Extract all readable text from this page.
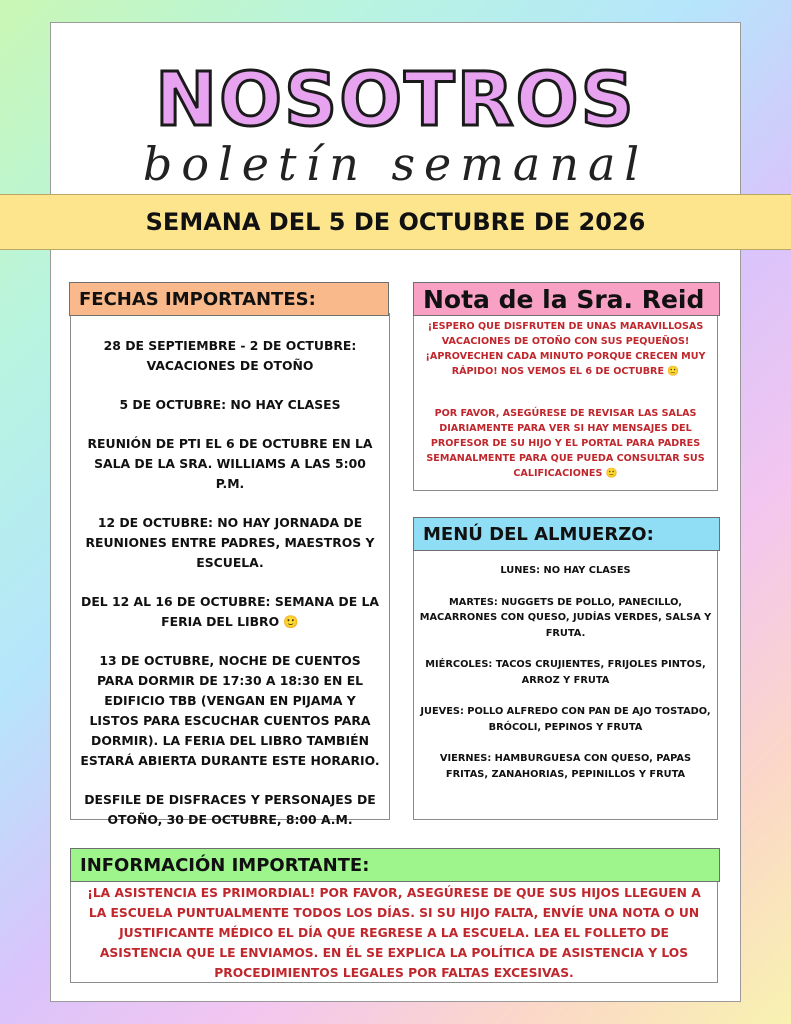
NOSOTROS
boletín semanal
SEMANA DEL 5 DE OCTUBRE DE 2026
FECHAS IMPORTANTES:

28 DE SEPTIEMBRE - 2 DE OCTUBRE: VACACIONES DE OTOÑO

5 DE OCTUBRE: NO HAY CLASES

REUNIÓN DE PTI EL 6 DE OCTUBRE EN LA SALA DE LA SRA. WILLIAMS A LAS 5:00 P.M.

12 DE OCTUBRE: NO HAY JORNADA DE REUNIONES ENTRE PADRES, MAESTROS Y ESCUELA.

DEL 12 AL 16 DE OCTUBRE: SEMANA DE LA FERIA DEL LIBRO 🙂

13 DE OCTUBRE, NOCHE DE CUENTOS PARA DORMIR DE 17:30 A 18:30 EN EL EDIFICIO TBB (VENGAN EN PIJAMA Y LISTOS PARA ESCUCHAR CUENTOS PARA DORMIR). LA FERIA DEL LIBRO TAMBIÉN ESTARÁ ABIERTA DURANTE ESTE HORARIO.

DESFILE DE DISFRACES Y PERSONAJES DE OTOÑO, 30 DE OCTUBRE, 8:00 A.M.

Nota de la Sra. Reid

¡ESPERO QUE DISFRUTEN DE UNAS MARAVILLOSAS VACACIONES DE OTOÑO CON SUS PEQUEÑOS! ¡APROVECHEN CADA MINUTO PORQUE CRECEN MUY RÁPIDO! NOS VEMOS EL 6 DE OCTUBRE 🙂

POR FAVOR, ASEGÚRESE DE REVISAR LAS SALAS DIARIAMENTE PARA VER SI HAY MENSAJES DEL PROFESOR DE SU HIJO Y EL PORTAL PARA PADRES SEMANALMENTE PARA QUE PUEDA CONSULTAR SUS CALIFICACIONES 🙂

MENÚ DEL ALMUERZO:

LUNES: NO HAY CLASES

MARTES: NUGGETS DE POLLO, PANECILLO, MACARRONES CON QUESO, JUDÍAS VERDES, SALSA Y FRUTA.

MIÉRCOLES: TACOS CRUJIENTES, FRIJOLES PINTOS, ARROZ Y FRUTA

JUEVES: POLLO ALFREDO CON PAN DE AJO TOSTADO, BRÓCOLI, PEPINOS Y FRUTA

VIERNES: HAMBURGUESA CON QUESO, PAPAS FRITAS, ZANAHORIAS, PEPINILLOS Y FRUTA

INFORMACIÓN IMPORTANTE:
¡LA ASISTENCIA ES PRIMORDIAL! POR FAVOR, ASEGÚRESE DE QUE SUS HIJOS LLEGUEN A LA ESCUELA PUNTUALMENTE TODOS LOS DÍAS. SI SU HIJO FALTA, ENVÍE UNA NOTA O UN JUSTIFICANTE MÉDICO EL DÍA QUE REGRESE A LA ESCUELA. LEA EL FOLLETO DE ASISTENCIA QUE LE ENVIAMOS. EN ÉL SE EXPLICA LA POLÍTICA DE ASISTENCIA Y LOS PROCEDIMIENTOS LEGALES POR FALTAS EXCESIVAS.
